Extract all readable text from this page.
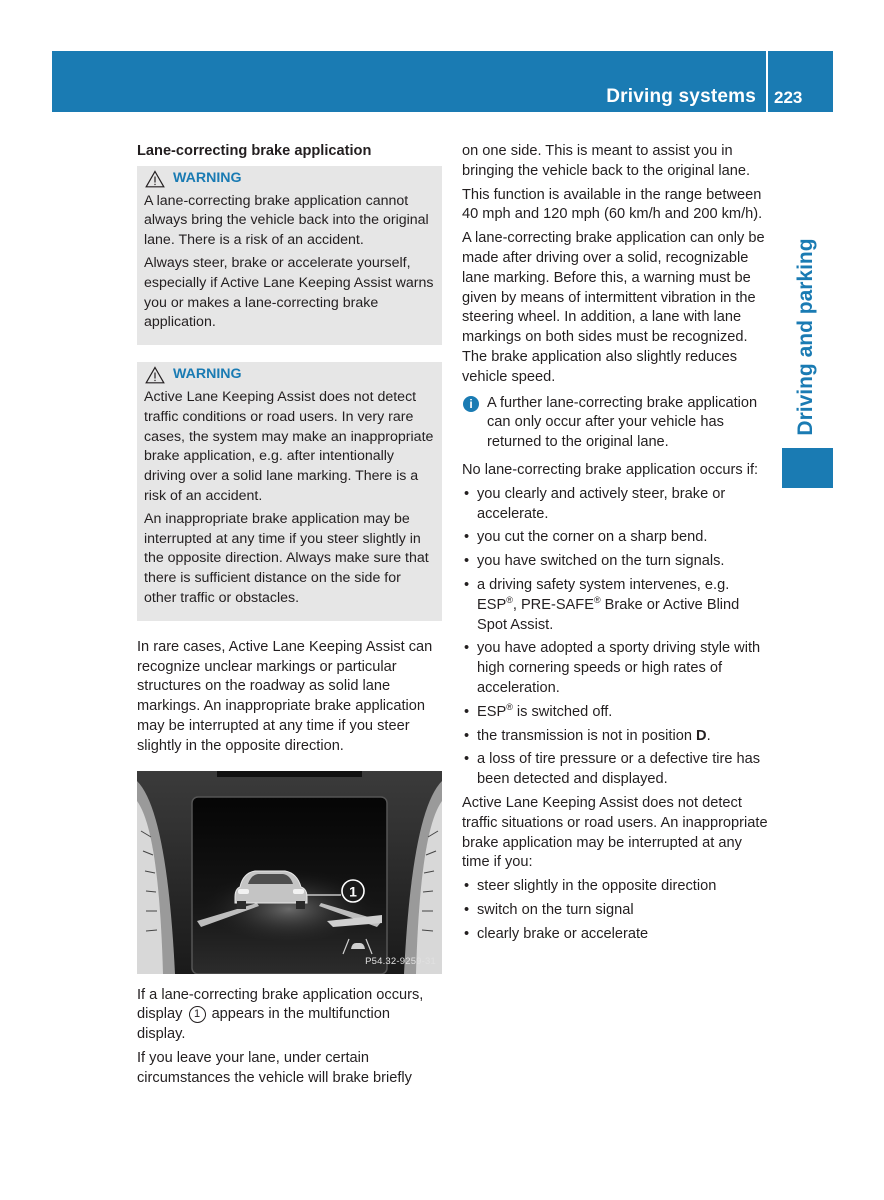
Driving systems 223
Driving and parking

Lane-correcting brake application

WARNING

A lane-correcting brake application cannot always bring the vehicle back into the original lane. There is a risk of an accident.

Always steer, brake or accelerate yourself, especially if Active Lane Keeping Assist warns you or makes a lane-correcting brake application.

WARNING

Active Lane Keeping Assist does not detect traffic conditions or road users. In very rare cases, the system may make an inappropriate brake application, e.g. after intentionally driving over a solid lane marking. There is a risk of an accident.

An inappropriate brake application may be interrupted at any time if you steer slightly in the opposite direction. Always make sure that there is sufficient distance on the side for other traffic or obstacles.

In rare cases, Active Lane Keeping Assist can recognize unclear markings or particular structures on the roadway as solid lane markings. An inappropriate brake application may be interrupted at any time if you steer slightly in the opposite direction.

1
P54.32-9259-31

If a lane-correcting brake application occurs, display 1 appears in the multifunction display.

If you leave your lane, under certain circumstances the vehicle will brake briefly

on one side. This is meant to assist you in bringing the vehicle back to the original lane.

This function is available in the range between 40 mph and 120 mph (60 km/h and 200 km/h).

A lane-correcting brake application can only be made after driving over a solid, recognizable lane marking. Before this, a warning must be given by means of intermittent vibration in the steering wheel. In addition, a lane with lane markings on both sides must be recognized. The brake application also slightly reduces vehicle speed.

i A further lane-correcting brake application can only occur after your vehicle has returned to the original lane.

No lane-correcting brake application occurs if:

• you clearly and actively steer, brake or accelerate.
• you cut the corner on a sharp bend.
• you have switched on the turn signals.
• a driving safety system intervenes, e.g. ESP®, PRE-SAFE® Brake or Active Blind Spot Assist.
• you have adopted a sporty driving style with high cornering speeds or high rates of acceleration.
• ESP® is switched off.
• the transmission is not in position D.
• a loss of tire pressure or a defective tire has been detected and displayed.

Active Lane Keeping Assist does not detect traffic situations or road users. An inappropriate brake application may be interrupted at any time if you:

• steer slightly in the opposite direction
• switch on the turn signal
• clearly brake or accelerate
